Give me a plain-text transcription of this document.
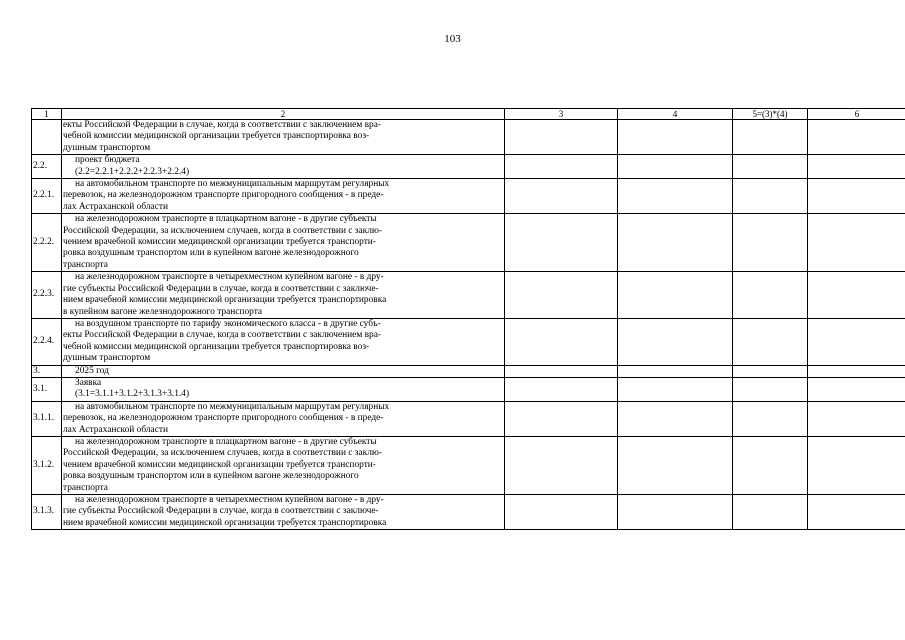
103
1	2	3	4	5=(3)*(4)	6

	екты Российской Федерации в случае, когда в соответствии с заключением вра-
чебной комиссии медицинской организации требуется транспортировка воз-
душным транспортом				

2.2.	проект бюджета
(2.2=2.2.1+2.2.2+2.2.3+2.2.4)				

2.2.1.	на автомобильном транспорте по межмуниципальным маршрутам регулярных
перевозок, на железнодорожном транспорте пригородного сообщения - в преде-
лах Астраханской области				

2.2.2.	на железнодорожном транспорте в плацкартном вагоне - в другие субъекты
Российской Федерации, за исключением случаев, когда в соответствии с заклю-
чением врачебной комиссии медицинской организации требуется транспорти-
ровка воздушным транспортом или в купейном вагоне железнодорожного
транспорта				

2.2.3.	на железнодорожном транспорте в четырехместном купейном вагоне - в дру-
гие субъекты Российской Федерации в случае, когда в соответствии с заключе-
нием врачебной комиссии медицинской организации требуется транспортировка
в купейном вагоне железнодорожного транспорта				

2.2.4.	на воздушном транспорте по тарифу экономического класса - в другие субъ-
екты Российской Федерации в случае, когда в соответствии с заключением вра-
чебной комиссии медицинской организации требуется транспортировка воз-
душным транспортом				

3.	2025 год				

3.1.	Заявка
(3.1=3.1.1+3.1.2+3.1.3+3.1.4)				

3.1.1.	на автомобильном транспорте по межмуниципальным маршрутам регулярных
перевозок, на железнодорожном транспорте пригородного сообщения - в преде-
лах Астраханской области				

3.1.2.	на железнодорожном транспорте в плацкартном вагоне - в другие субъекты
Российской Федерации, за исключением случаев, когда в соответствии с заклю-
чением врачебной комиссии медицинской организации требуется транспорти-
ровка воздушным транспортом или в купейном вагоне железнодорожного
транспорта				

3.1.3.	на железнодорожном транспорте в четырехместном купейном вагоне - в дру-
гие субъекты Российской Федерации в случае, когда в соответствии с заключе-
нием врачебной комиссии медицинской организации требуется транспортировка				
